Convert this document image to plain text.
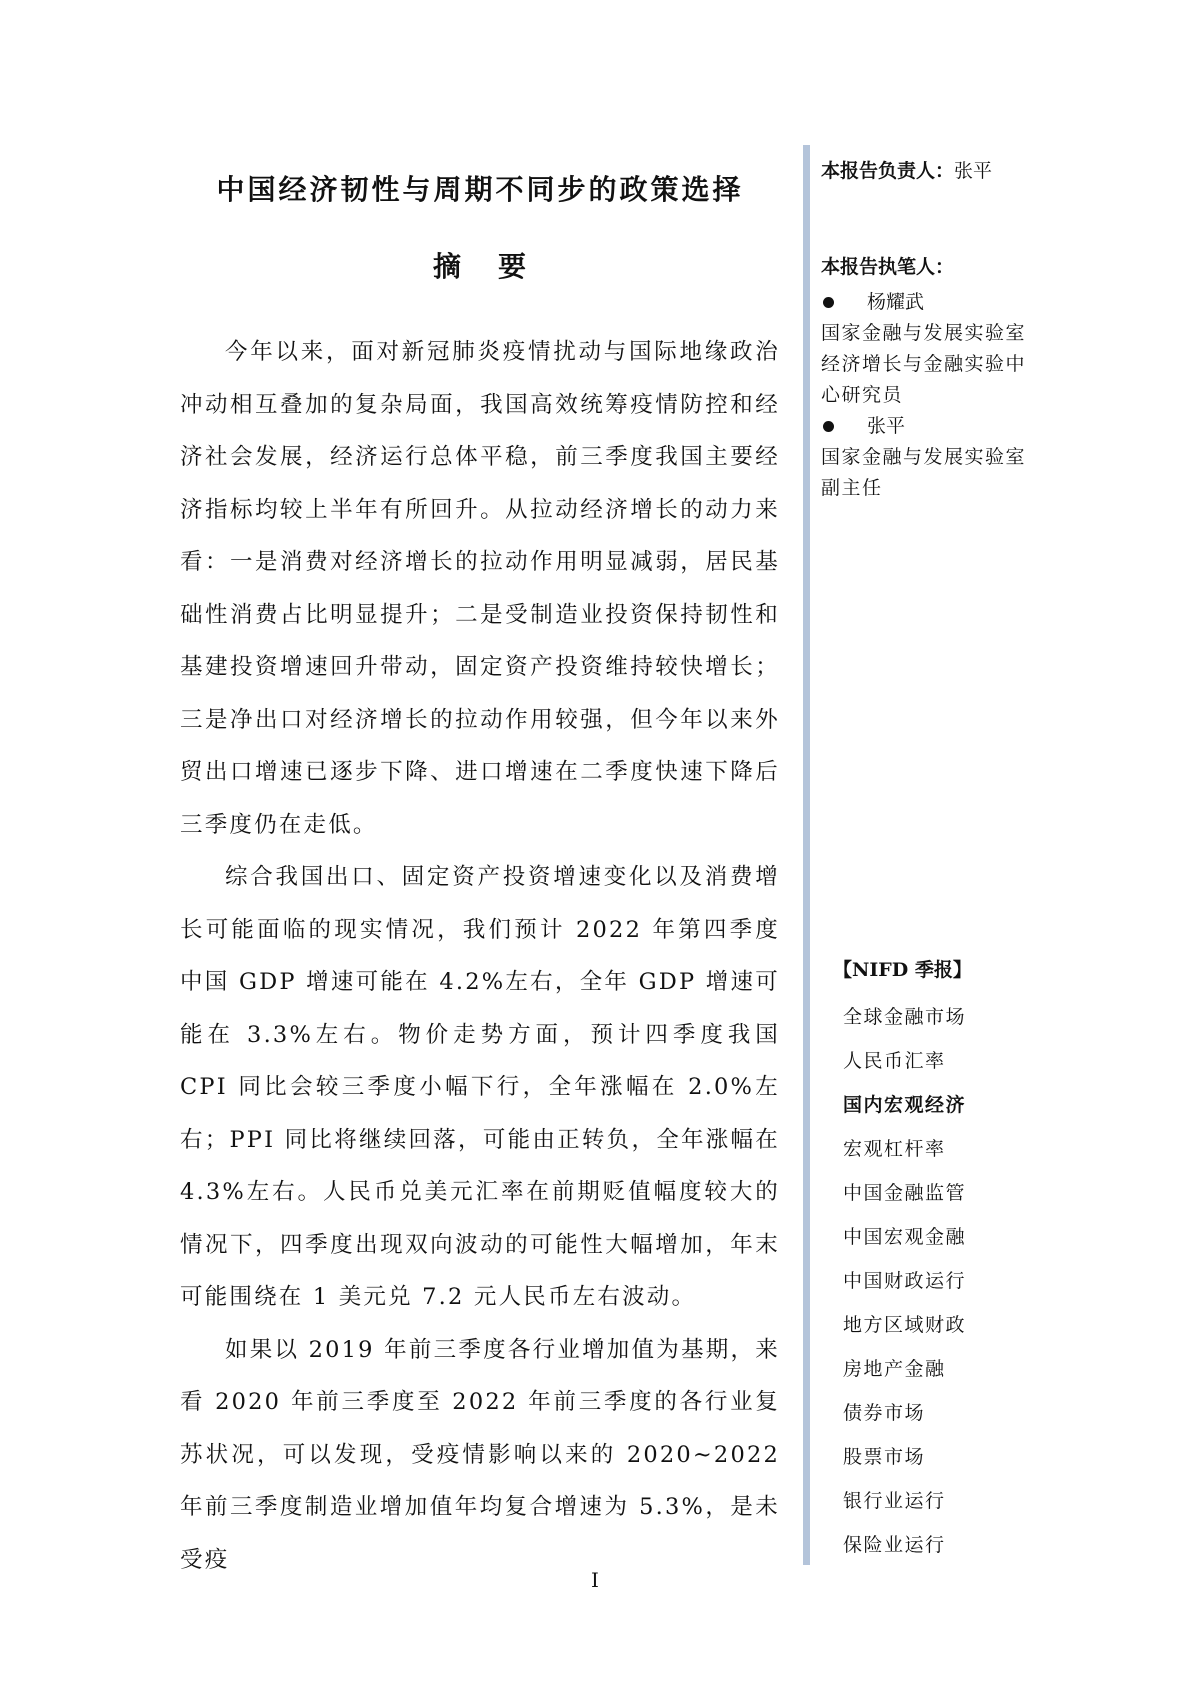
中国经济韧性与周期不同步的政策选择
摘 要

今年以来，面对新冠肺炎疫情扰动与国际地缘政治冲动相互叠加的复杂局面，我国高效统筹疫情防控和经济社会发展，经济运行总体平稳，前三季度我国主要经济指标均较上半年有所回升。从拉动经济增长的动力来看：一是消费对经济增长的拉动作用明显减弱，居民基础性消费占比明显提升；二是受制造业投资保持韧性和基建投资增速回升带动，固定资产投资维持较快增长；三是净出口对经济增长的拉动作用较强，但今年以来外贸出口增速已逐步下降、进口增速在二季度快速下降后三季度仍在走低。

综合我国出口、固定资产投资增速变化以及消费增长可能面临的现实情况，我们预计 2022 年第四季度中国 GDP 增速可能在 4.2%左右，全年 GDP 增速可能在 3.3%左右。物价走势方面，预计四季度我国 CPI 同比会较三季度小幅下行，全年涨幅在 2.0%左右；PPI 同比将继续回落，可能由正转负，全年涨幅在 4.3%左右。人民币兑美元汇率在前期贬值幅度较大的情况下，四季度出现双向波动的可能性大幅增加，年末可能围绕在 1 美元兑 7.2 元人民币左右波动。

如果以 2019 年前三季度各行业增加值为基期，来看 2020 年前三季度至 2022 年前三季度的各行业复苏状况，可以发现，受疫情影响以来的 2020~2022 年前三季度制造业增加值年均复合增速为 5.3%，是未受疫

本报告负责人：张平
本报告执笔人：
杨耀武
国家金融与发展实验室
经济增长与金融实验中
心研究员
张平
国家金融与发展实验室
副主任
【NIFD 季报】
全球金融市场
人民币汇率
国内宏观经济
宏观杠杆率
中国金融监管
中国宏观金融
中国财政运行
地方区域财政
房地产金融
债券市场
股票市场
银行业运行
保险业运行
I
